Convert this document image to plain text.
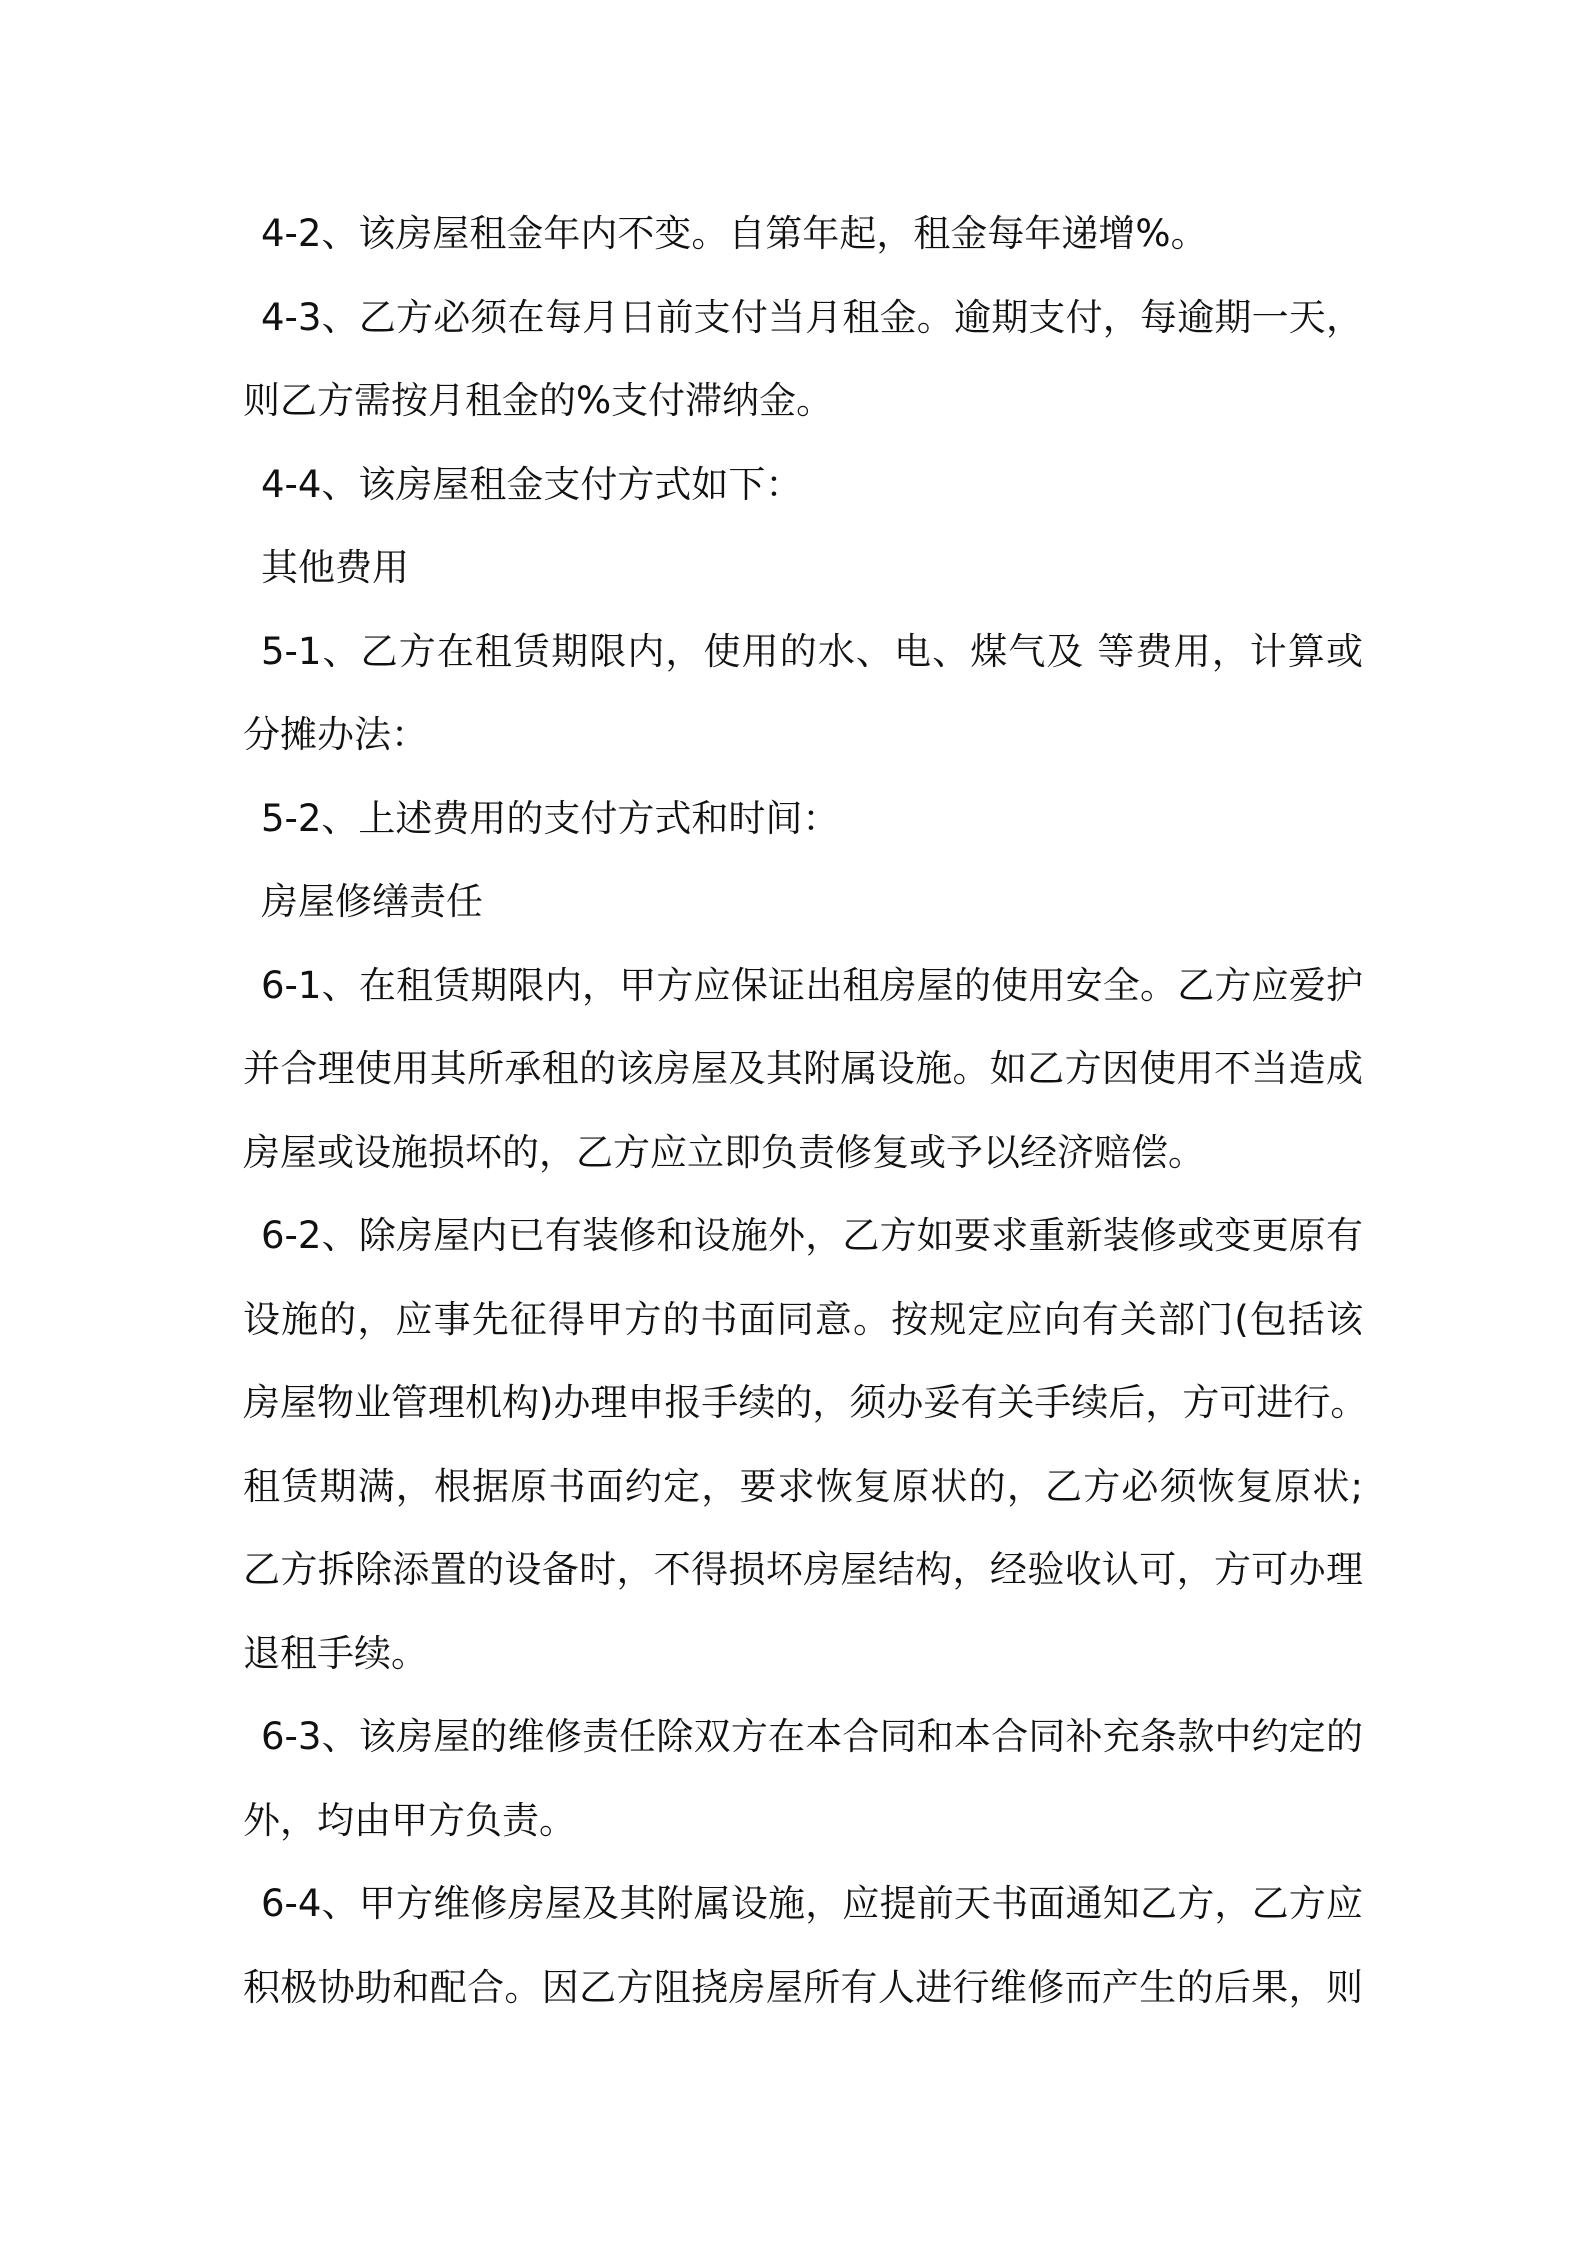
4-2、该房屋租金年内不变。自第年起，租金每年递增%。
4-3、乙方必须在每月日前支付当月租金。逾期支付，每逾期一天，
则乙方需按月租金的%支付滞纳金。
4-4、该房屋租金支付方式如下：
其他费用
5-1、乙方在租赁期限内，使用的水、电、煤气及 等费用，计算或
分摊办法：
5-2、上述费用的支付方式和时间：
房屋修缮责任
6-1、在租赁期限内，甲方应保证出租房屋的使用安全。乙方应爱护
并合理使用其所承租的该房屋及其附属设施。如乙方因使用不当造成
房屋或设施损坏的，乙方应立即负责修复或予以经济赔偿。
6-2、除房屋内已有装修和设施外，乙方如要求重新装修或变更原有
设施的，应事先征得甲方的书面同意。按规定应向有关部门(包括该
房屋物业管理机构)办理申报手续的，须办妥有关手续后，方可进行。
租赁期满，根据原书面约定，要求恢复原状的，乙方必须恢复原状;
乙方拆除添置的设备时，不得损坏房屋结构，经验收认可，方可办理
退租手续。
6-3、该房屋的维修责任除双方在本合同和本合同补充条款中约定的
外，均由甲方负责。
6-4、甲方维修房屋及其附属设施，应提前天书面通知乙方，乙方应
积极协助和配合。因乙方阻挠房屋所有人进行维修而产生的后果，则
